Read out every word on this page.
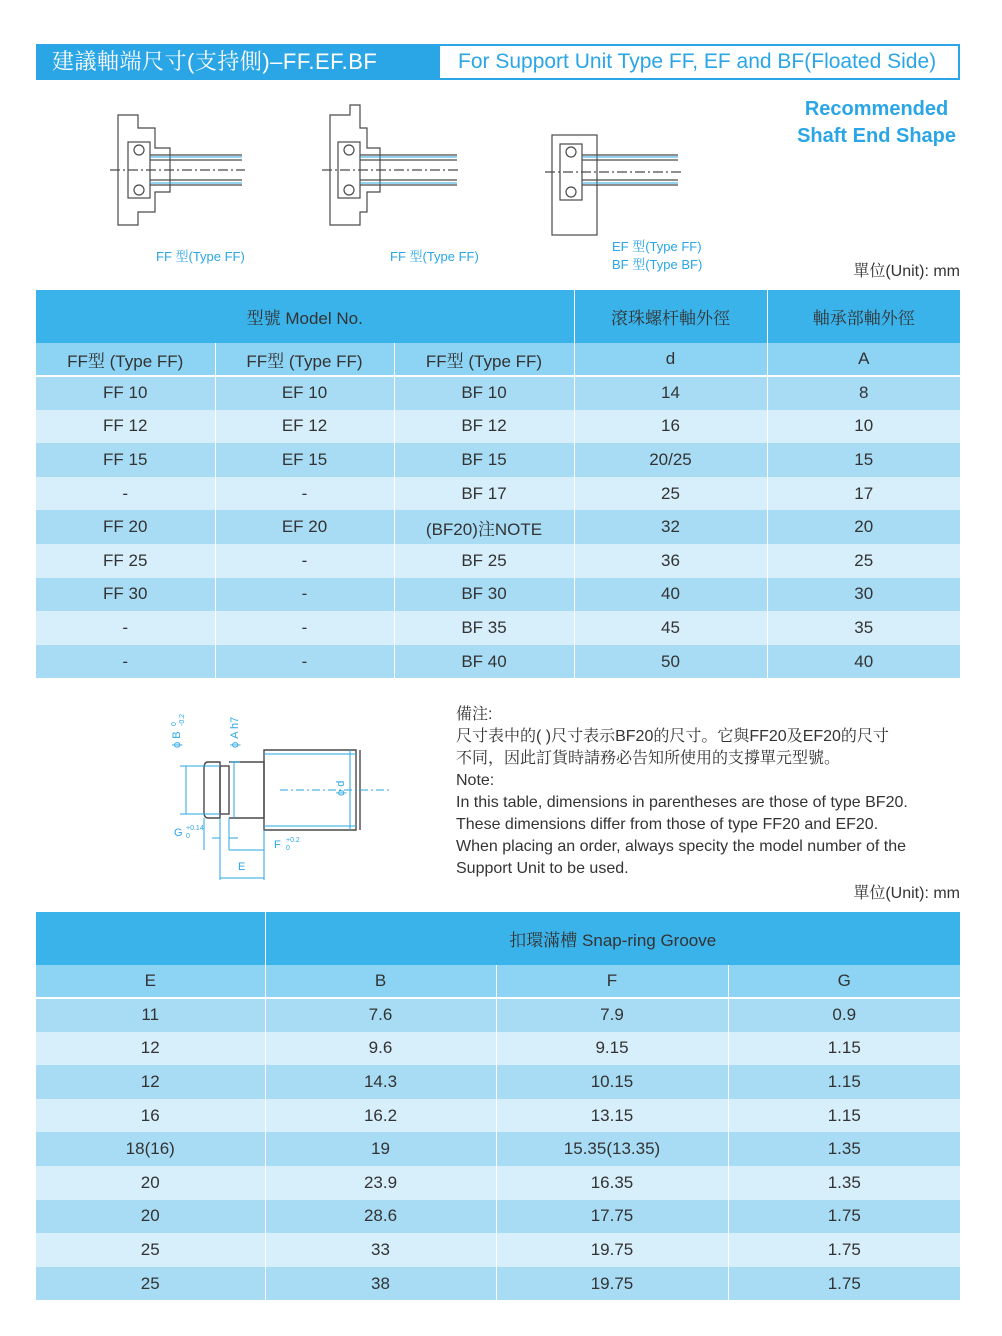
建議軸端尺寸(支持側)–FF.EF.BF	For Support Unit Type FF, EF and BF(Floated Side)
Recommended
Shaft End Shape
FF 型(Type FF)	FF 型(Type FF)
EF 型(Type FF)
BF 型(Type BF)	單位(Unit): mm
型號 Model No.			滾珠螺杆軸外徑	軸承部軸外徑
FF型 (Type FF)	FF型 (Type FF)	FF型 (Type FF)	d	A
FF 10	EF 10	BF 10	14	8
FF 12	EF 12	BF 12	16	10
FF 15	EF 15	BF 15	20/25	15
-	-	BF 17	25	17
FF 20	EF 20	(BF20)注NOTE	32	20
FF 25	-	BF 25	36	25
FF 30	-	BF 30	40	30
-	-	BF 35	45	35
-	-	BF 40	50	40
ϕ B
0 -0.2	ϕ A h7
ϕ d
G +0.14
0
F +0.2
0
E
備注:
尺寸表中的( )尺寸表示BF20的尺寸。它與FF20及EF20的尺寸
不同，因此訂貨時請務必告知所使用的支撐單元型號。
Note:
In this table, dimensions in parentheses are those of type BF20.
These dimensions differ from those of type FF20 and EF20.
When placing an order, always specity the model number of the
Support Unit to be used.
單位(Unit): mm
	扣環滿槽 Snap-ring Groove		
E	B	F	G
11	7.6	7.9	0.9
12	9.6	9.15	1.15
12	14.3	10.15	1.15
16	16.2	13.15	1.15
18(16)	19	15.35(13.35)	1.35
20	23.9	16.35	1.35
20	28.6	17.75	1.75
25	33	19.75	1.75
25	38	19.75	1.75
